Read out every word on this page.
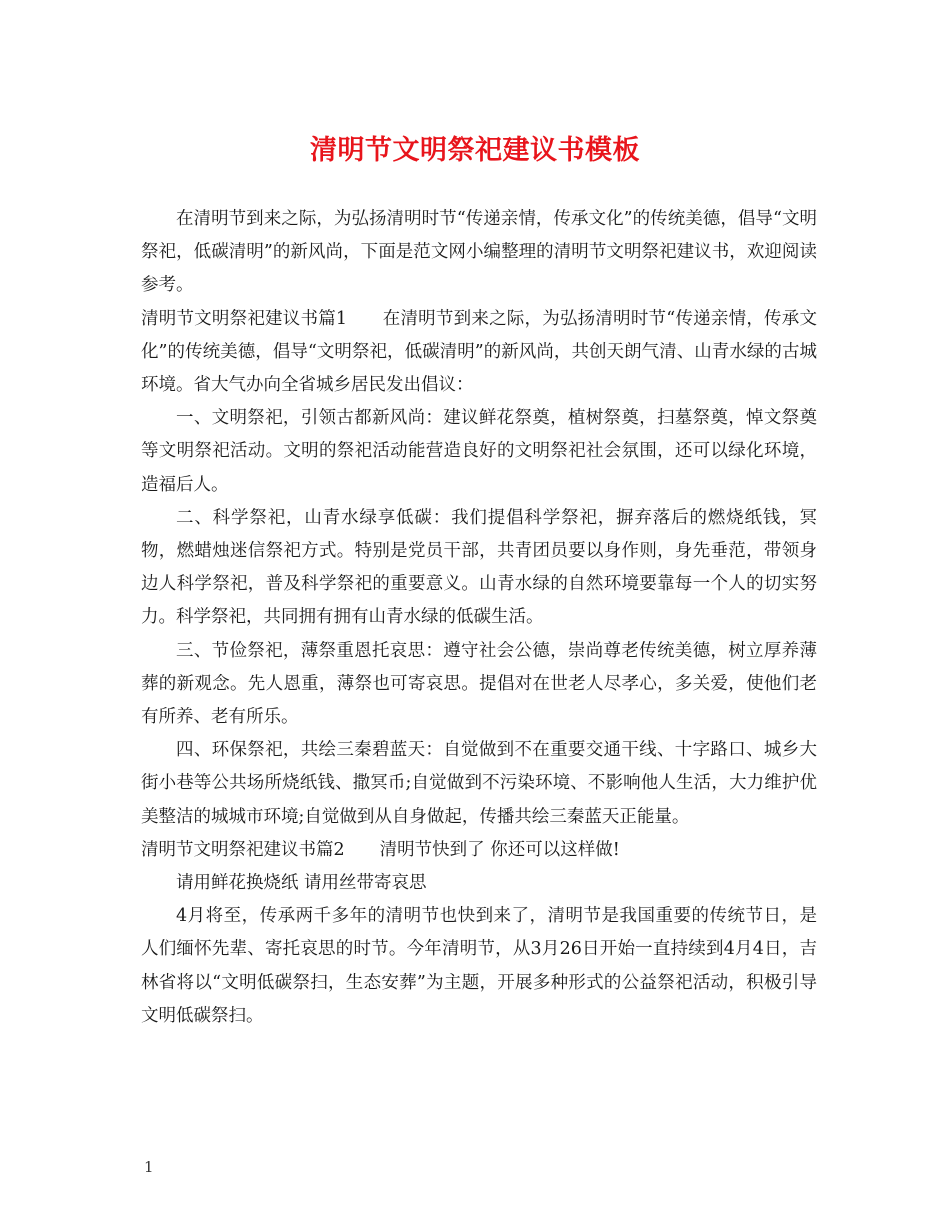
清明节文明祭祀建议书模板

在清明节到来之际，为弘扬清明时节“传递亲情，传承文化”的传统美德，倡导“文明祭祀，低碳清明”的新风尚，下面是范文网小编整理的清明节文明祭祀建议书，欢迎阅读参考。

清明节文明祭祀建议书篇1　　在清明节到来之际，为弘扬清明时节“传递亲情，传承文化”的传统美德，倡导“文明祭祀，低碳清明”的新风尚，共创天朗气清、山青水绿的古城环境。省大气办向全省城乡居民发出倡议：

一、文明祭祀，引领古都新风尚：建议鲜花祭奠，植树祭奠，扫墓祭奠，悼文祭奠等文明祭祀活动。文明的祭祀活动能营造良好的文明祭祀社会氛围，还可以绿化环境，造福后人。

二、科学祭祀，山青水绿享低碳：我们提倡科学祭祀，摒弃落后的燃烧纸钱，冥物，燃蜡烛迷信祭祀方式。特别是党员干部，共青团员要以身作则，身先垂范，带领身边人科学祭祀，普及科学祭祀的重要意义。山青水绿的自然环境要靠每一个人的切实努力。科学祭祀，共同拥有拥有山青水绿的低碳生活。

三、节俭祭祀，薄祭重恩托哀思：遵守社会公德，崇尚尊老传统美德，树立厚养薄葬的新观念。先人恩重，薄祭也可寄哀思。提倡对在世老人尽孝心，多关爱，使他们老有所养、老有所乐。

四、环保祭祀，共绘三秦碧蓝天：自觉做到不在重要交通干线、十字路口、城乡大街小巷等公共场所烧纸钱、撒冥币;自觉做到不污染环境、不影响他人生活，大力维护优美整洁的城城市环境;自觉做到从自身做起，传播共绘三秦蓝天正能量。

清明节文明祭祀建议书篇2　　清明节快到了 你还可以这样做!

请用鲜花换烧纸 请用丝带寄哀思

4月将至，传承两千多年的清明节也快到来了，清明节是我国重要的传统节日，是人们缅怀先辈、寄托哀思的时节。今年清明节，从3月26日开始一直持续到4月4日，吉林省将以“文明低碳祭扫，生态安葬”为主题，开展多种形式的公益祭祀活动，积极引导文明低碳祭扫。

1
